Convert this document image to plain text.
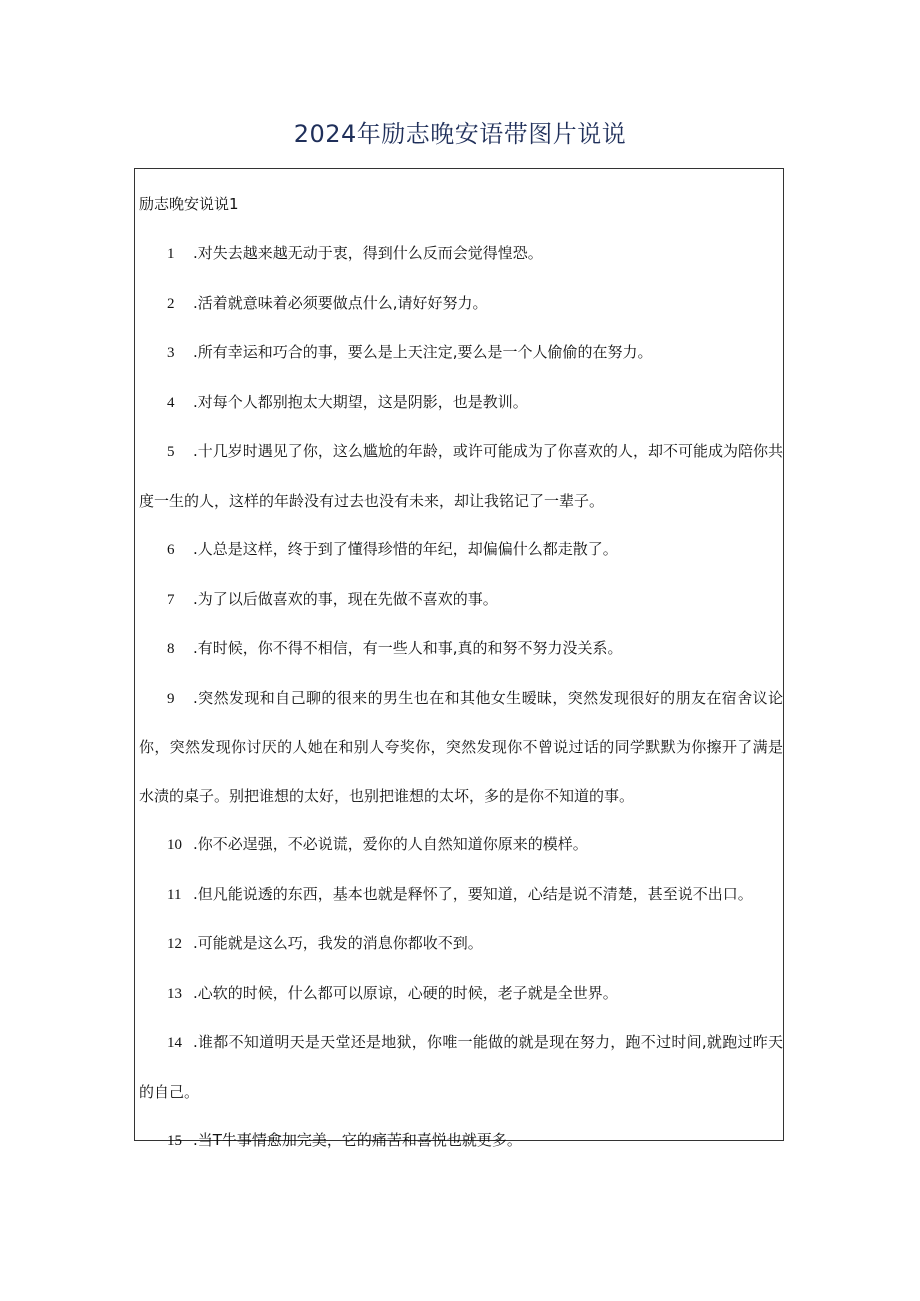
2024年励志晚安语带图片说说
励志晚安说说1
1 .对失去越来越无动于衷，得到什么反而会觉得惶恐。
2 .活着就意味着必须要做点什么,请好好努力。
3 .所有幸运和巧合的事，要么是上天注定,要么是一个人偷偷的在努力。
4 .对每个人都别抱太大期望，这是阴影，也是教训。
5 .十几岁时遇见了你，这么尴尬的年龄，或许可能成为了你喜欢的人，却不可能成为陪你共度一生的人，这样的年龄没有过去也没有未来，却让我铭记了一辈子。
6 .人总是这样，终于到了懂得珍惜的年纪，却偏偏什么都走散了。
7 .为了以后做喜欢的事，现在先做不喜欢的事。
8 .有时候，你不得不相信，有一些人和事,真的和努不努力没关系。
9 .突然发现和自己聊的很来的男生也在和其他女生暧昧，突然发现很好的朋友在宿舍议论你，突然发现你讨厌的人她在和别人夸奖你，突然发现你不曾说过话的同学默默为你擦开了满是水渍的桌子。别把谁想的太好，也别把谁想的太坏，多的是你不知道的事。
10 .你不必逞强，不必说谎，爱你的人自然知道你原来的模样。
11 .但凡能说透的东西，基本也就是释怀了，要知道，心结是说不清楚，甚至说不出口。
12 .可能就是这么巧，我发的消息你都收不到。
13 .心软的时候，什么都可以原谅，心硬的时候，老子就是全世界。
14 .谁都不知道明天是天堂还是地狱，你唯一能做的就是现在努力，跑不过时间,就跑过昨天的自己。
15 .当T牛事情愈加完美，它的痛苦和喜悦也就更多。
